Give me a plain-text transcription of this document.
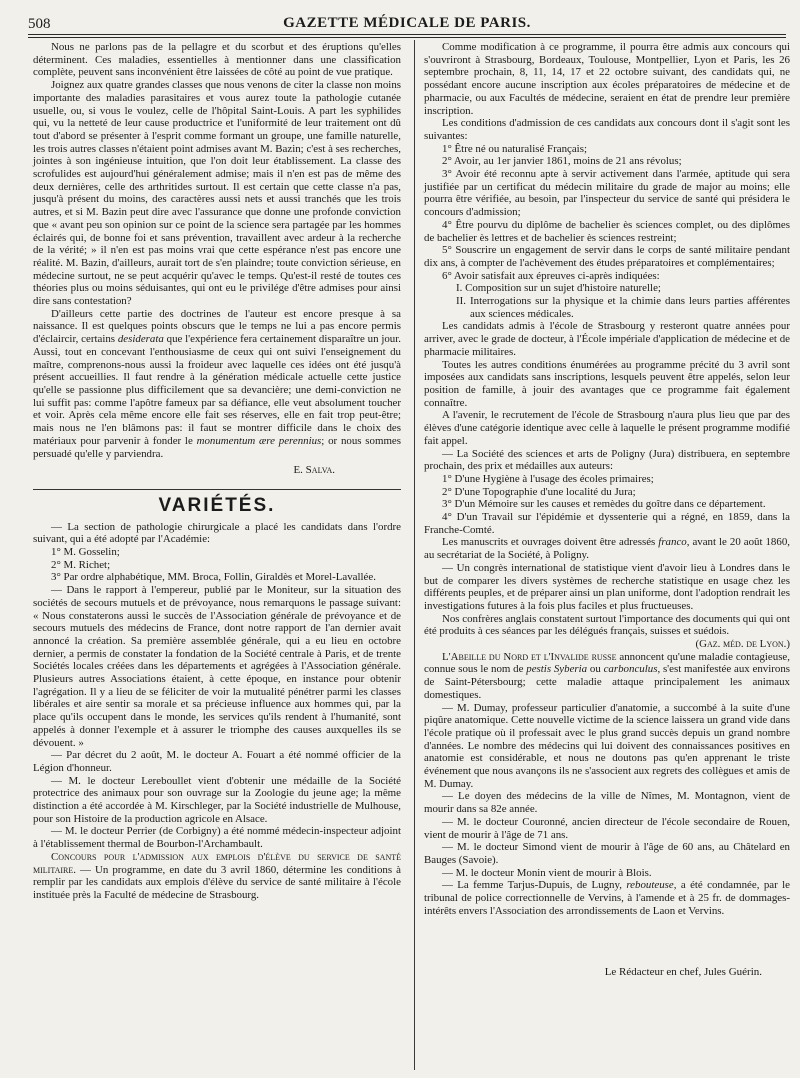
508	GAZETTE MÉDICALE DE PARIS.

Nous ne parlons pas de la pellagre et du scorbut et des éruptions qu'elles déterminent. Ces maladies, essentielles à mentionner dans une classification complète, peuvent sans inconvénient être laissées de côté au point de vue pratique.

Joignez aux quatre grandes classes que nous venons de citer la classe non moins importante des maladies parasitaires et vous aurez toute la pathologie cutanée usuelle, ou, si vous le voulez, celle de l'hôpital Saint-Louis. A part les syphilides qui, vu la netteté de leur cause productrice et l'uniformité de leur traitement ont dû tout d'abord se présenter à l'esprit comme formant un groupe, une famille naturelle, les trois autres classes n'étaient point admises avant M. Bazin; c'est à ses recherches, jointes à son ingénieuse intuition, que l'on doit leur établissement. La classe des scrofulides est aujourd'hui généralement admise; mais il n'en est pas de même des deux dernières, celle des arthritides surtout. Il est certain que cette classe n'a pas, jusqu'à présent du moins, des caractères aussi nets et aussi tranchés que les trois autres, et si M. Bazin peut dire avec l'assurance que donne une profonde conviction que « avant peu son opinion sur ce point de la science sera partagée par les hommes éclairés qui, de bonne foi et sans prévention, travaillent avec ardeur à la recherche de la vérité; » il n'en est pas moins vrai que cette espérance n'est pas encore une réalité. M. Bazin, d'ailleurs, aurait tort de s'en plaindre; toute conviction sérieuse, en médecine surtout, ne se peut acquérir qu'avec le temps. Qu'est-il resté de toutes ces théories plus ou moins séduisantes, qui ont eu le privilége d'être admises pour ainsi dire sans contestation?

D'ailleurs cette partie des doctrines de l'auteur est encore presque à sa naissance. Il est quelques points obscurs que le temps ne lui a pas encore permis d'éclaircir, certains desiderata que l'expérience fera certainement disparaître un jour. Aussi, tout en concevant l'enthousiasme de ceux qui ont suivi l'enseignement du maître, comprenons-nous aussi la froideur avec laquelle ces idées ont été jusqu'à présent accueillies. Il faut rendre à la génération médicale actuelle cette justice qu'elle se passionne plus difficilement que sa devancière; une demi-conviction ne lui suffit pas: comme l'apôtre fameux par sa défiance, elle veut absolument toucher et voir. Après cela même encore elle fait ses réserves, elle en fait trop peut-être; mais nous ne l'en blâmons pas: il faut se montrer difficile dans le choix des matériaux pour parvenir à fonder le monumentum ære perennius; or nous sommes persuadé qu'elle y parviendra.

E. Salva.
VARIÉTÉS.

— La section de pathologie chirurgicale a placé les candidats dans l'ordre suivant, qui a été adopté par l'Académie:

1° M. Gosselin;
2° M. Richet;
3° Par ordre alphabétique, MM. Broca, Follin, Giraldès et Morel-Lavallée.

— Dans le rapport à l'empereur, publié par le Moniteur, sur la situation des sociétés de secours mutuels et de prévoyance, nous remarquons le passage suivant: « Nous constaterons aussi le succès de l'Association générale de prévoyance et de secours mutuels des médecins de France, dont notre rapport de l'an dernier avait annoncé la création. Sa première assemblée générale, qui a eu lieu en octobre dernier, a permis de constater la fondation de la Société centrale à Paris, et de trente Sociétés locales créées dans les départements et agrégées à l'Association générale. Plusieurs autres Associations étaient, à cette époque, en instance pour obtenir l'agrégation. Il y a lieu de se féliciter de voir la mutualité pénétrer parmi les classes libérales et aire sentir sa morale et sa précieuse influence aux hommes qui, par la place qu'ils occupent dans le monde, les services qu'ils rendent à l'humanité, sont appelés à donner l'exemple et à assurer le triomphe des causes auxquelles ils se dévouent. »

— Par décret du 2 août, M. le docteur A. Fouart a été nommé officier de la Légion d'honneur.

— M. le docteur Lereboullet vient d'obtenir une médaille de la Société protectrice des animaux pour son ouvrage sur la Zoologie du jeune age; la même distinction a été accordée à M. Kirschleger, par la Société industrielle de Mulhouse, pour son Histoire de la production agricole en Alsace.

— M. le docteur Perrier (de Corbigny) a été nommé médecin-inspecteur adjoint à l'établissement thermal de Bourbon-l'Archambault.

Concours pour l'admission aux emplois d'élève du service de santé militaire. — Un programme, en date du 3 avril 1860, détermine les conditions à remplir par les candidats aux emplois d'élève du service de santé militaire à l'école instituée près la Faculté de médecine de Strasbourg.

Comme modification à ce programme, il pourra être admis aux concours qui s'ouvriront à Strasbourg, Bordeaux, Toulouse, Montpellier, Lyon et Paris, les 26 septembre prochain, 8, 11, 14, 17 et 22 octobre suivant, des candidats qui, ne possédant encore aucune inscription aux écoles préparatoires de médecine et de pharmacie, ou aux Facultés de médecine, seraient en état de prendre leur première inscription.

Les conditions d'admission de ces candidats aux concours dont il s'agit sont les suivantes:

1° Être né ou naturalisé Français;

2° Avoir, au 1er janvier 1861, moins de 21 ans révolus;

3° Avoir été reconnu apte à servir activement dans l'armée, aptitude qui sera justifiée par un certificat du médecin militaire du grade de major au moins; elle pourra être vérifiée, au besoin, par l'inspecteur du service de santé qui présidera le concours d'admission;

4° Être pourvu du diplôme de bachelier ès sciences complet, ou des diplômes de bachelier ès lettres et de bachelier ès sciences restreint;

5° Souscrire un engagement de servir dans le corps de santé militaire pendant dix ans, à compter de l'achèvement des études préparatoires et complémentaires;

6° Avoir satisfait aux épreuves ci-après indiquées:

I. Composition sur un sujet d'histoire naturelle;
II. Interrogations sur la physique et la chimie dans leurs parties afférentes aux sciences médicales.

Les candidats admis à l'école de Strasbourg y resteront quatre années pour arriver, avec le grade de docteur, à l'École impériale d'application de médecine et de pharmacie militaires.

Toutes les autres conditions énumérées au programme précité du 3 avril sont imposées aux candidats sans inscriptions, lesquels peuvent être appelés, selon leur position de famille, à jouir des avantages que ce programme fait également connaître.

A l'avenir, le recrutement de l'école de Strasbourg n'aura plus lieu que par des élèves d'une catégorie identique avec celle à laquelle le présent programme modifié fait appel.

— La Société des sciences et arts de Poligny (Jura) distribuera, en septembre prochain, des prix et médailles aux auteurs:

1° D'une Hygiène à l'usage des écoles primaires;

2° D'une Topographie d'une localité du Jura;

3° D'un Mémoire sur les causes et remèdes du goître dans ce département.

4° D'un Travail sur l'épidémie et dyssenterie qui a régné, en 1859, dans la Franche-Comté.

Les manuscrits et ouvrages doivent être adressés franco, avant le 20 août 1860, au secrétariat de la Société, à Poligny.

— Un congrès international de statistique vient d'avoir lieu à Londres dans le but de comparer les divers systèmes de recherche statistique en usage chez les différents peuples, et de préparer ainsi un plan uniforme, dont l'adoption rendrait les investigations futures à la fois plus faciles et plus fructueuses.

Nos confrères anglais constatent surtout l'importance des documents qui qui ont été produits à ces séances par les délégués français, suisses et suédois.

(Gaz. méd. de Lyon.)

L'Abeille du Nord et l'Invalide russe annoncent qu'une maladie contagieuse, connue sous le nom de pestis Syberia ou carbonculus, s'est manifestée aux environs de Saint-Pétersbourg; cette maladie attaque principalement les animaux domestiques.

— M. Dumay, professeur particulier d'anatomie, a succombé à la suite d'une piqûre anatomique. Cette nouvelle victime de la science laissera un grand vide dans l'école pratique où il professait avec le plus grand succès depuis un grand nombre d'années. Le nombre des médecins qui lui doivent des connaissances positives en anatomie est considérable, et nous ne doutons pas qu'en apprenant le triste événement que nous avançons ils ne s'associent aux regrets des collègues et amis de M. Dumay.

— Le doyen des médecins de la ville de Nîmes, M. Montagnon, vient de mourir dans sa 82e année.

— M. le docteur Couronné, ancien directeur de l'école secondaire de Rouen, vient de mourir à l'âge de 71 ans.

— M. le docteur Simond vient de mourir à l'âge de 60 ans, au Châtelard en Bauges (Savoie).

— M. le docteur Monin vient de mourir à Blois.

— La femme Tarjus-Dupuis, de Lugny, rebouteuse, a été condamnée, par le tribunal de police correctionnelle de Vervins, à l'amende et à 25 fr. de dommages-intérêts envers l'Association des arrondissements de Laon et Vervins.

Le Rédacteur en chef, Jules Guérin.
